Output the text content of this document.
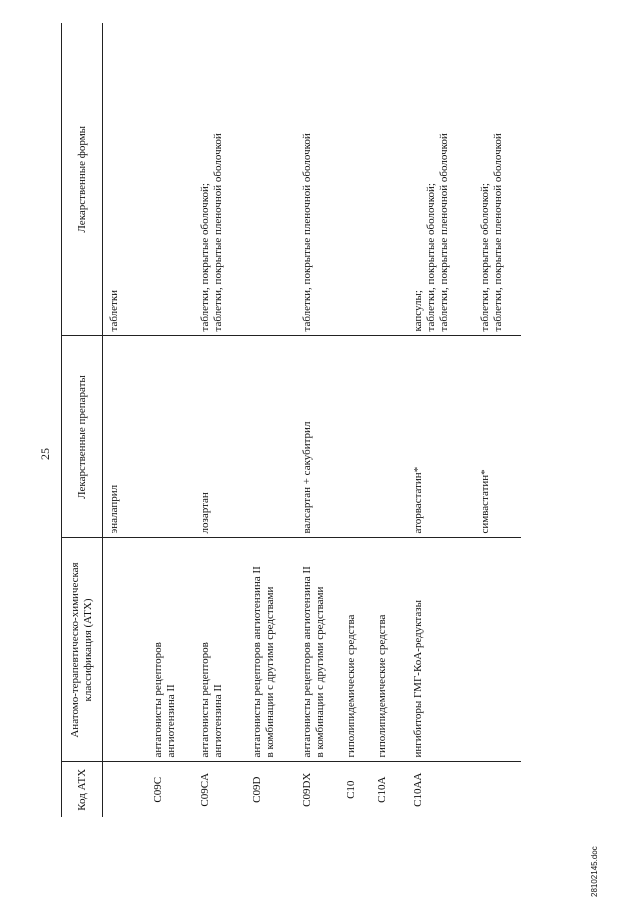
25
28102145.doc
Код АТХ	Анатомо-терапевтическо-химическая классификация (АТХ)	Лекарственные препараты	Лекарственные формы
		эналаприл	таблетки

C09C	антагонисты рецепторов ангиотензина II		

C09CA	антагонисты рецепторов ангиотензина II	лозартан	таблетки, покрытые оболочкой; таблетки, покрытые пленочной оболочкой

C09D	антагонисты рецепторов ангиотензина II в комбинации с другими средствами		

C09DX	антагонисты рецепторов ангиотензина II в комбинации с другими средствами	валсартан + сакубитрил	таблетки, покрытые пленочной оболочкой

C10	гиполипидемические средства		

C10A	гиполипидемические средства		

C10AA	ингибиторы ГМГ-КоА-редуктазы	аторвастатин*	капсулы; таблетки, покрытые оболочкой; таблетки, покрытые пленочной оболочкой

		симвастатин*	таблетки, покрытые оболочкой; таблетки, покрытые пленочной оболочкой
